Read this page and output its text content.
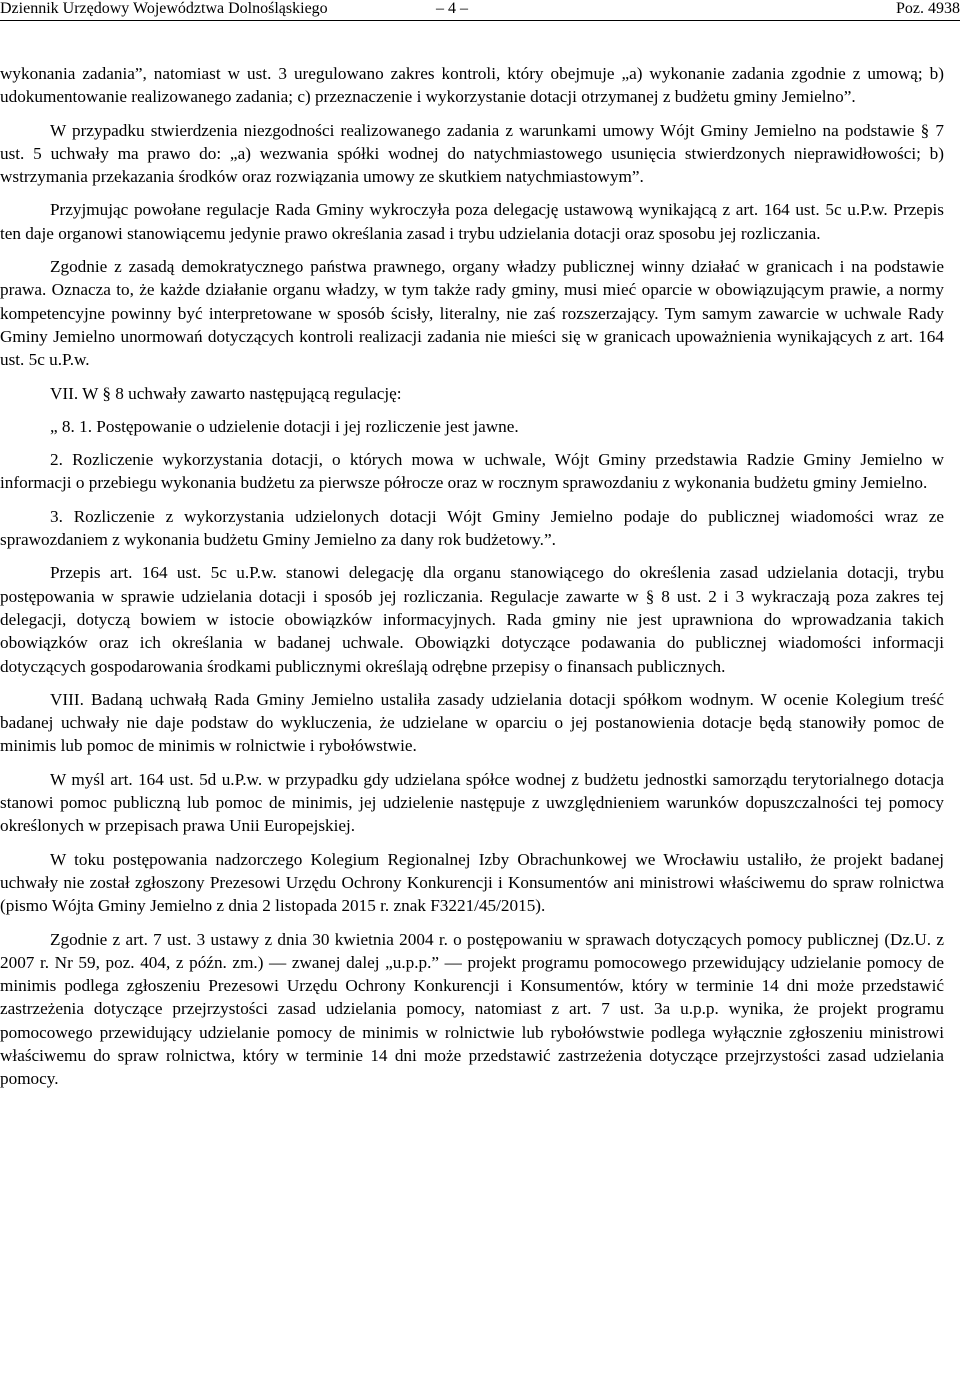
Dziennik Urzędowy Województwa Dolnośląskiego	– 4 –	Poz. 4938

wykonania zadania”, natomiast w ust. 3 uregulowano zakres kontroli, który obejmuje „a) wykonanie zadania zgodnie z umową; b) udokumentowanie realizowanego zadania; c) przeznaczenie i wykorzystanie dotacji otrzymanej z budżetu gminy Jemielno”.

W przypadku stwierdzenia niezgodności realizowanego zadania z warunkami umowy Wójt Gminy Jemielno na podstawie § 7 ust. 5 uchwały ma prawo do: „a) wezwania spółki wodnej do natychmiastowego usunięcia stwierdzonych nieprawidłowości; b) wstrzymania przekazania środków oraz rozwiązania umowy ze skutkiem natychmiastowym”.

Przyjmując powołane regulacje Rada Gminy wykroczyła poza delegację ustawową wynikającą z art. 164 ust. 5c u.P.w. Przepis ten daje organowi stanowiącemu jedynie prawo określania zasad i trybu udzielania dotacji oraz sposobu jej rozliczania.

Zgodnie z zasadą demokratycznego państwa prawnego, organy władzy publicznej winny działać w granicach i na podstawie prawa. Oznacza to, że każde działanie organu władzy, w tym także rady gminy, musi mieć oparcie w obowiązującym prawie, a normy kompetencyjne powinny być interpretowane w sposób ścisły, literalny, nie zaś rozszerzający. Tym samym zawarcie w uchwale Rady Gminy Jemielno unormowań dotyczących kontroli realizacji zadania nie mieści się w granicach upoważnienia wynikających z art. 164 ust. 5c u.P.w.

VII. W § 8 uchwały zawarto następującą regulację:

„ 8. 1. Postępowanie o udzielenie dotacji i jej rozliczenie jest jawne.

2. Rozliczenie wykorzystania dotacji, o których mowa w uchwale, Wójt Gminy przedstawia Radzie Gminy Jemielno w informacji o przebiegu wykonania budżetu za pierwsze półrocze oraz w rocznym sprawozdaniu z wykonania budżetu gminy Jemielno.

3. Rozliczenie z wykorzystania udzielonych dotacji Wójt Gminy Jemielno podaje do publicznej wiadomości wraz ze sprawozdaniem z wykonania budżetu Gminy Jemielno za dany rok budżetowy.”.

Przepis art. 164 ust. 5c u.P.w. stanowi delegację dla organu stanowiącego do określenia zasad udzielania dotacji, trybu postępowania w sprawie udzielania dotacji i sposób jej rozliczania. Regulacje zawarte w § 8 ust. 2 i 3 wykraczają poza zakres tej delegacji, dotyczą bowiem w istocie obowiązków informacyjnych. Rada gminy nie jest uprawniona do wprowadzania takich obowiązków oraz ich określania w badanej uchwale. Obowiązki dotyczące podawania do publicznej wiadomości informacji dotyczących gospodarowania środkami publicznymi określają odrębne przepisy o finansach publicznych.

VIII. Badaną uchwałą Rada Gminy Jemielno ustaliła zasady udzielania dotacji spółkom wodnym. W ocenie Kolegium treść badanej uchwały nie daje podstaw do wykluczenia, że udzielane w oparciu o jej postanowienia dotacje będą stanowiły pomoc de minimis lub pomoc de minimis w rolnictwie i rybołówstwie.

W myśl art. 164 ust. 5d u.P.w. w przypadku gdy udzielana spółce wodnej z budżetu jednostki samorządu terytorialnego dotacja stanowi pomoc publiczną lub pomoc de minimis, jej udzielenie następuje z uwzględnieniem warunków dopuszczalności tej pomocy określonych w przepisach prawa Unii Europejskiej.

W toku postępowania nadzorczego Kolegium Regionalnej Izby Obrachunkowej we Wrocławiu ustaliło, że projekt badanej uchwały nie został zgłoszony Prezesowi Urzędu Ochrony Konkurencji i Konsumentów ani ministrowi właściwemu do spraw rolnictwa (pismo Wójta Gminy Jemielno z dnia 2 listopada 2015 r. znak F3221/45/2015).

Zgodnie z art. 7 ust. 3 ustawy z dnia 30 kwietnia 2004 r. o postępowaniu w sprawach dotyczących pomocy publicznej (Dz.U. z 2007 r. Nr 59, poz. 404, z późn. zm.) — zwanej dalej „u.p.p.” — projekt programu pomocowego przewidujący udzielanie pomocy de minimis podlega zgłoszeniu Prezesowi Urzędu Ochrony Konkurencji i Konsumentów, który w terminie 14 dni może przedstawić zastrzeżenia dotyczące przejrzystości zasad udzielania pomocy, natomiast z art. 7 ust. 3a u.p.p. wynika, że projekt programu pomocowego przewidujący udzielanie pomocy de minimis w rolnictwie lub rybołówstwie podlega wyłącznie zgłoszeniu ministrowi właściwemu do spraw rolnictwa, który w terminie 14 dni może przedstawić zastrzeżenia dotyczące przejrzystości zasad udzielania pomocy.
